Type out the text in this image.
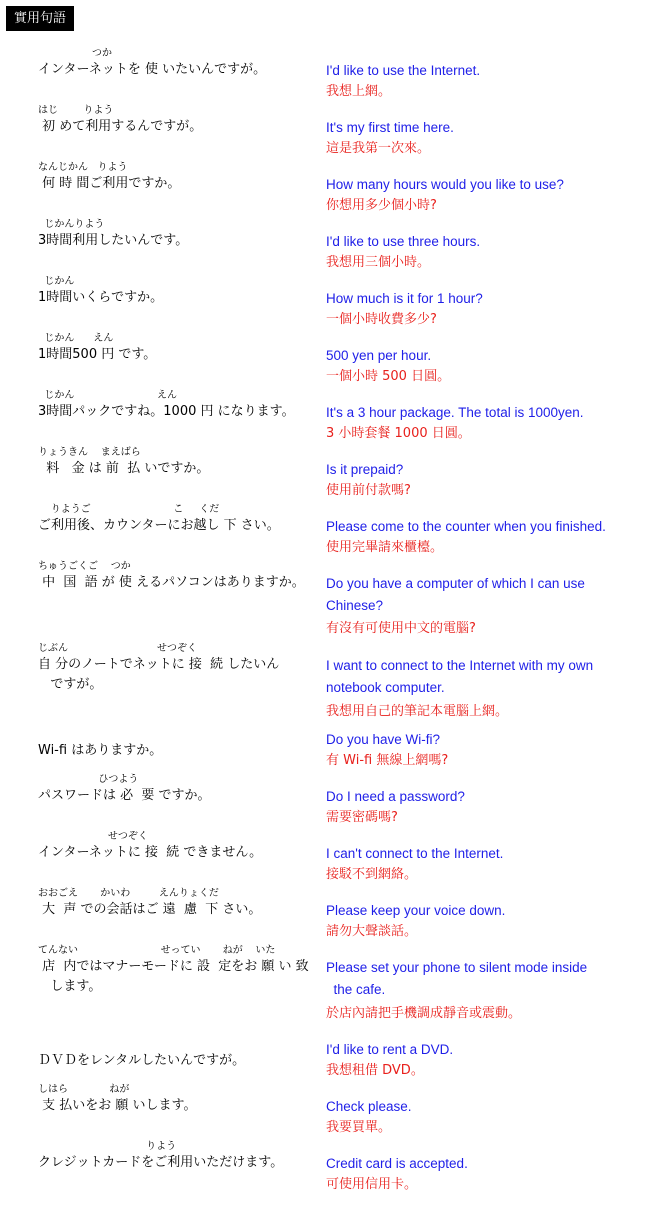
實用句語
つか
インターネットを 使 いたいんですが。	I'd like to use the Internet.
我想上網。
はじ        りよう
初 めて利用するんですが。	It's my first time here.
這是我第一次來。
なんじかん   りよう
何 時 間ご利用ですか。	How many hours would you like to use?
你想用多少個小時?
じかんりよう
3時間利用したいんです。	I'd like to use three hours.
我想用三個小時。
じかん
1時間いくらですか。	How much is it for 1 hour?
一個小時收費多少?
じかん      えん
1時間500 円 です。	500 yen per hour.
一個小時 500 日圓。
じかん                          えん
3時間パックですね。1000 円 になります。	It's a 3 hour package. The total is 1000yen.
3 小時套餐 1000 日圓。
りょうきん    まえばら
料   金 は 前  払 いですか。	Is it prepaid?
使用前付款嗎?
りようご                          こ     くだ
ご利用後、カウンターにお越し 下 さい。	Please come to the counter when you finished.
使用完畢請來櫃檯。
ちゅうごくご    つか
中  国  語 が 使 えるパソコンはありますか。	Do you have a computer of which I can use Chinese?
有沒有可使用中文的電腦?
じぶん                            せつぞく
自 分のノートでネットに 接  続 したいん
ですが。
I want to connect to the Internet with my own notebook computer.
我想用自己的筆記本電腦上網。
Wi-fi はありますか。
Do you have Wi-fi?
有 Wi-fi 無線上網嗎?
ひつよう
パスワードは 必  要 ですか。	Do I need a password?
需要密碼嗎?
せつぞく
インターネットに 接  続 できません。	I can't connect to the Internet.
接駁不到網絡。
おおごえ       かいわ         えんりょくだ
大  声 での会話はご 遠  慮  下 さい。	Please keep your voice down.
請勿大聲談話。
てんない                          せってい       ねが    いた
店  内ではマナーモードに 設  定をお 願 い 致
します。
Please set your phone to silent mode inside
the cafe.
於店內請把手機調成靜音或震動。
ＤＶＤをレンタルしたいんですが。
I'd like to rent a DVD.
我想租借 DVD。
しはら             ねが
支 払いをお 願 いします。	Check please.
我要買單。
りよう
クレジットカードをご利用いただけます。	Credit card is accepted.
可使用信用卡。
